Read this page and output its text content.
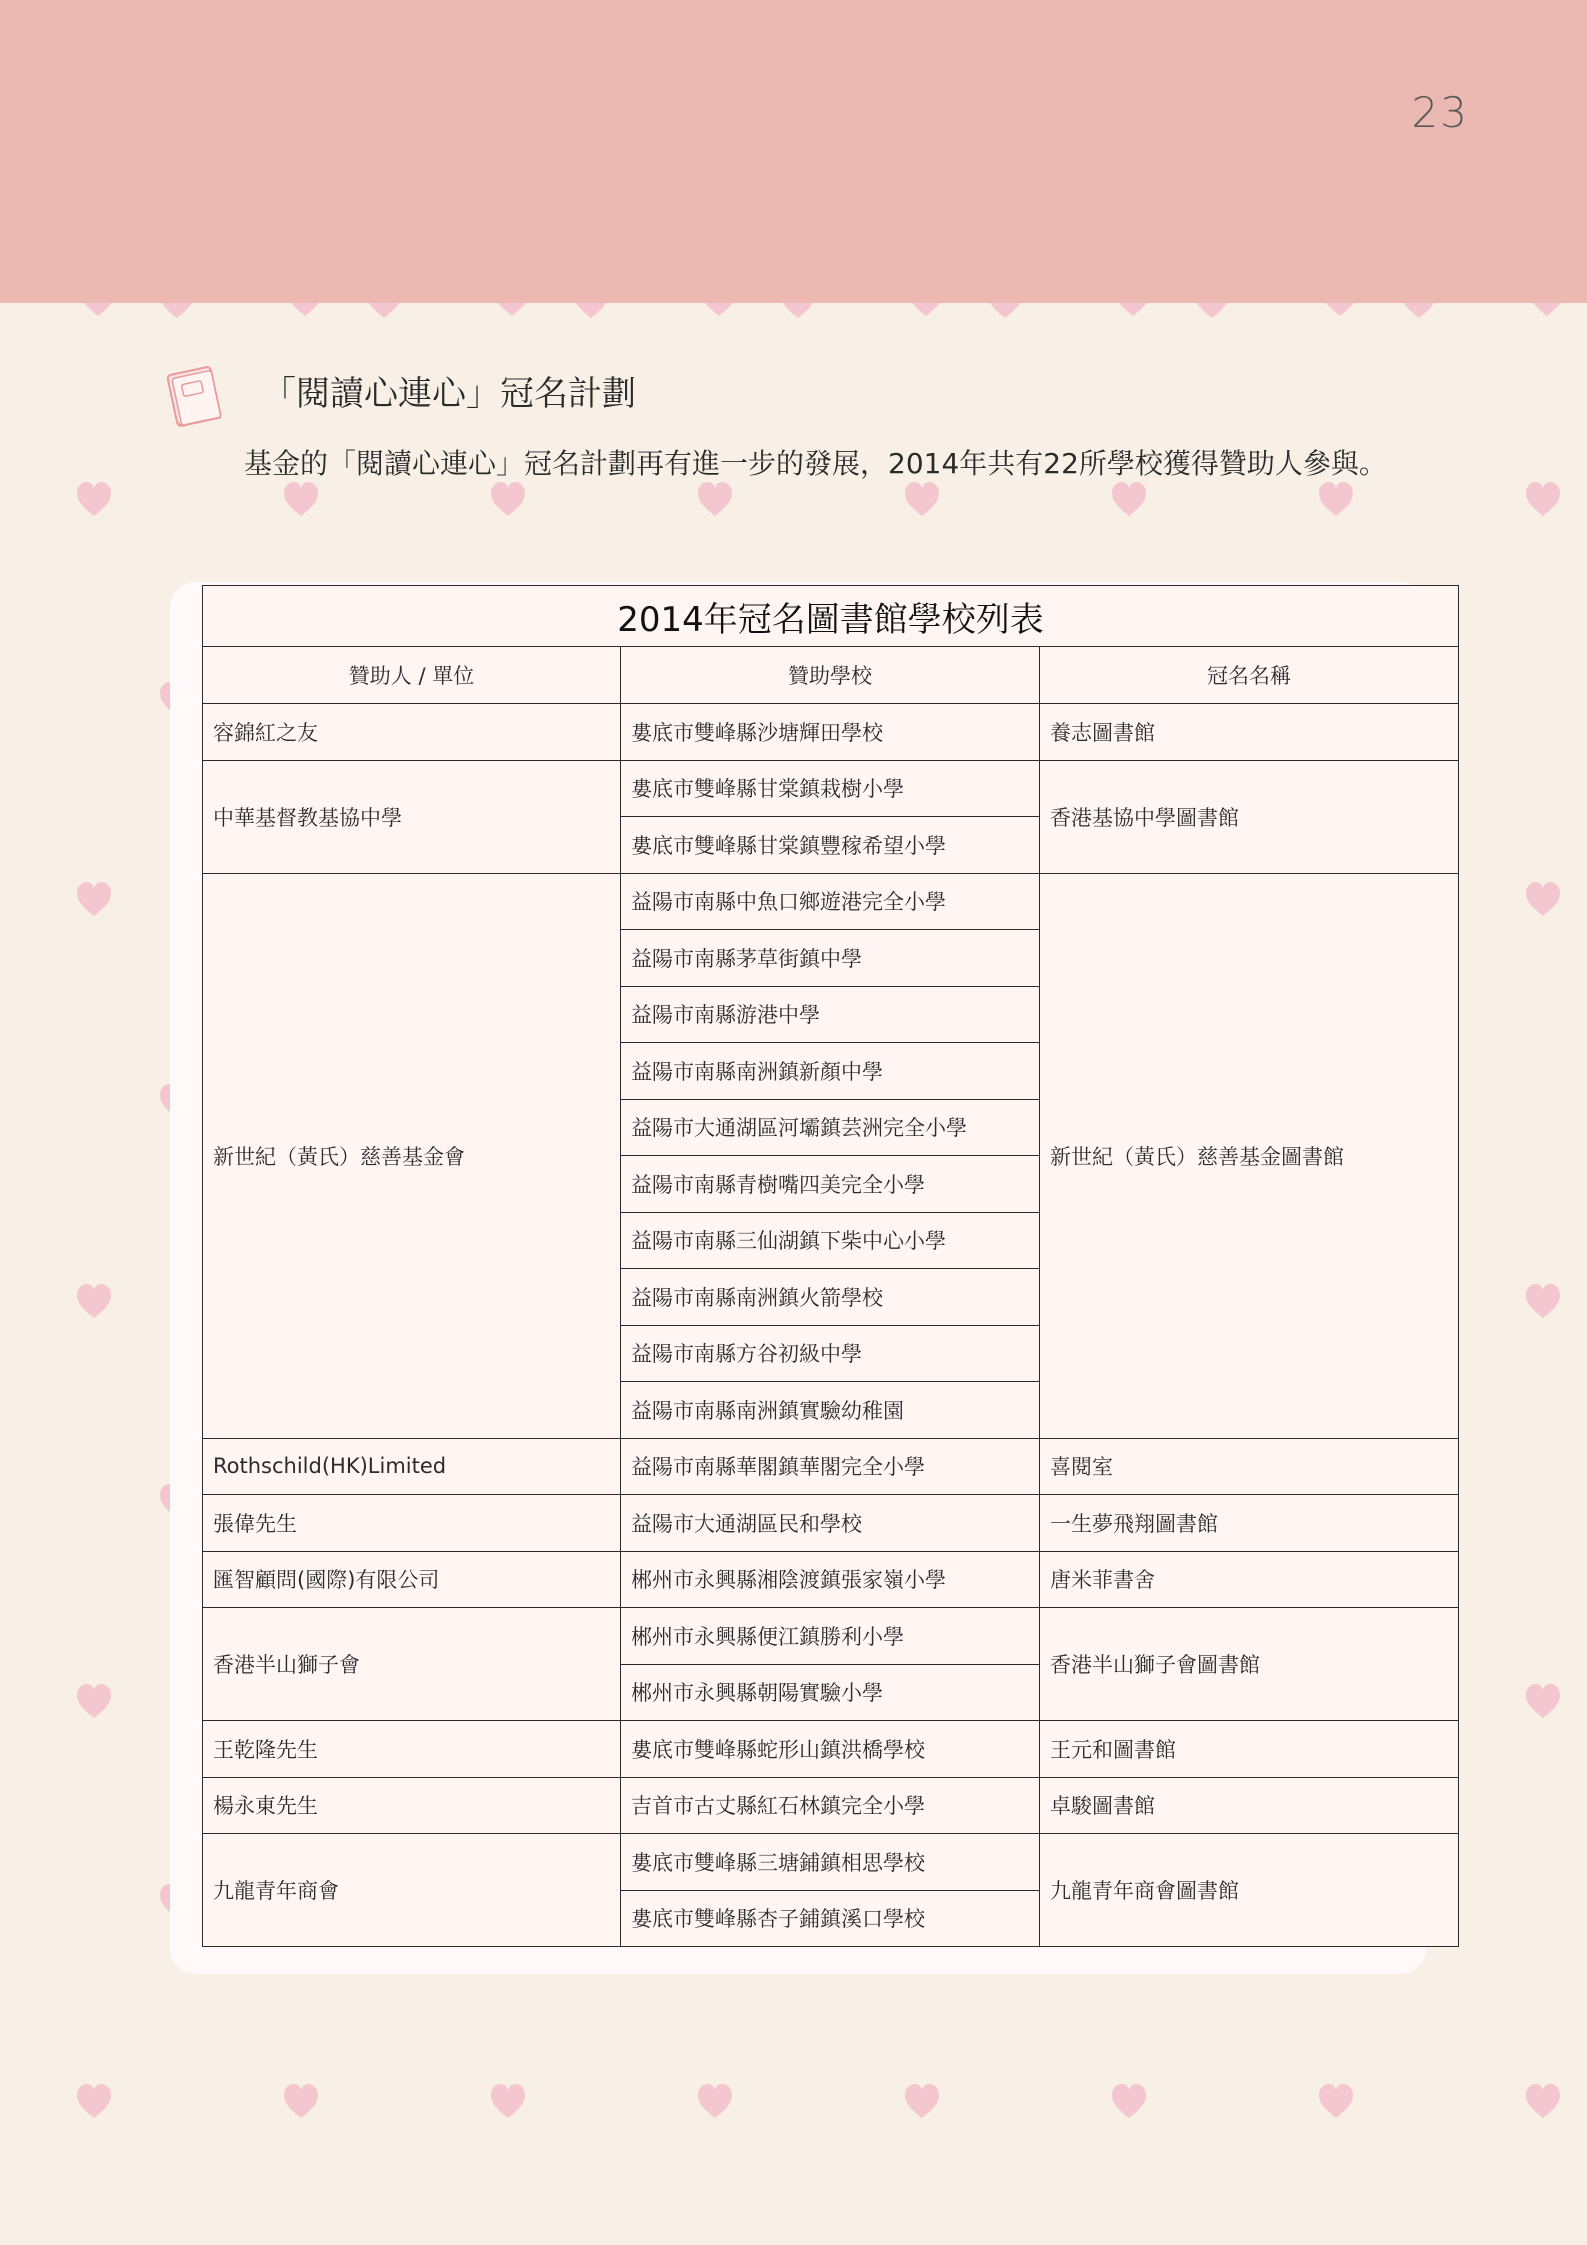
23
「閱讀心連心」冠名計劃
基金的「閱讀心連心」冠名計劃再有進一步的發展，2014年共有22所學校獲得贊助人參與。
2014年冠名圖書館學校列表		
贊助人 / 單位	贊助學校	冠名名稱
容錦紅之友	婁底市雙峰縣沙塘輝田學校	養志圖書館
中華基督教基協中學	婁底市雙峰縣甘棠鎮栽樹小學	香港基協中學圖書館
	婁底市雙峰縣甘棠鎮豐稼希望小學	
新世紀（黃氏）慈善基金會	益陽市南縣中魚口鄉遊港完全小學	新世紀（黃氏）慈善基金圖書館
	益陽市南縣茅草街鎮中學	
	益陽市南縣游港中學	
	益陽市南縣南洲鎮新顏中學	
	益陽市大通湖區河壩鎮芸洲完全小學	
	益陽市南縣青樹嘴四美完全小學	
	益陽市南縣三仙湖鎮下柴中心小學	
	益陽市南縣南洲鎮火箭學校	
	益陽市南縣方谷初級中學	
	益陽市南縣南洲鎮實驗幼稚園	
Rothschild(HK)Limited	益陽市南縣華閣鎮華閣完全小學	喜閱室
張偉先生	益陽市大通湖區民和學校	一生夢飛翔圖書館
匯智顧問(國際)有限公司	郴州市永興縣湘陰渡鎮張家嶺小學	唐米菲書舍
香港半山獅子會	郴州市永興縣便江鎮勝利小學	香港半山獅子會圖書館
	郴州市永興縣朝陽實驗小學	
王乾隆先生	婁底市雙峰縣蛇形山鎮洪橋學校	王元和圖書館
楊永東先生	吉首市古丈縣紅石林鎮完全小學	卓駿圖書館
九龍青年商會	婁底市雙峰縣三塘鋪鎮相思學校	九龍青年商會圖書館
	婁底市雙峰縣杏子鋪鎮溪口學校	
